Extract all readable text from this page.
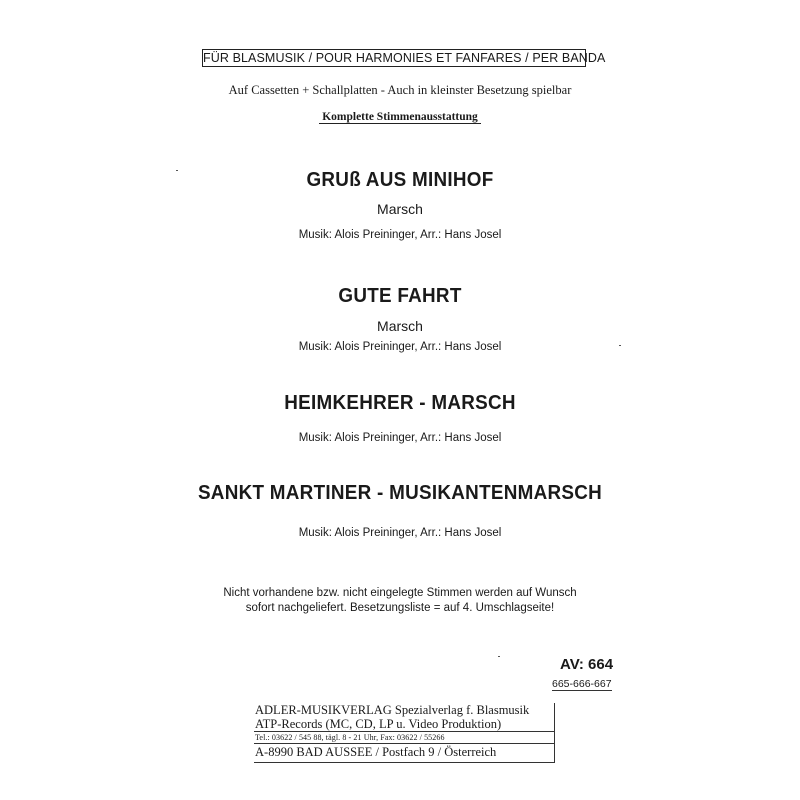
FÜR BLASMUSIK / POUR HARMONIES ET FANFARES / PER BANDA
Auf Cassetten + Schallplatten - Auch in kleinster Besetzung spielbar
Komplette Stimmenausstattung
GRUß AUS MINIHOF
Marsch
Musik: Alois Preininger, Arr.: Hans Josel
GUTE FAHRT
Marsch
Musik: Alois Preininger, Arr.: Hans Josel
HEIMKEHRER - MARSCH
Musik: Alois Preininger, Arr.: Hans Josel
SANKT MARTINER - MUSIKANTENMARSCH
Musik: Alois Preininger, Arr.: Hans Josel
Nicht vorhandene bzw. nicht eingelegte Stimmen werden auf Wunsch
sofort nachgeliefert. Besetzungsliste = auf 4. Umschlagseite!
AV: 664
665-666-667
ADLER-MUSIKVERLAG Spezialverlag f. Blasmusik
ATP-Records (MC, CD, LP u. Video Produktion)
Tel.: 03622 / 545 88, tägl. 8 - 21 Uhr, Fax: 03622 / 55266
A-8990 BAD AUSSEE / Postfach 9 / Österreich
